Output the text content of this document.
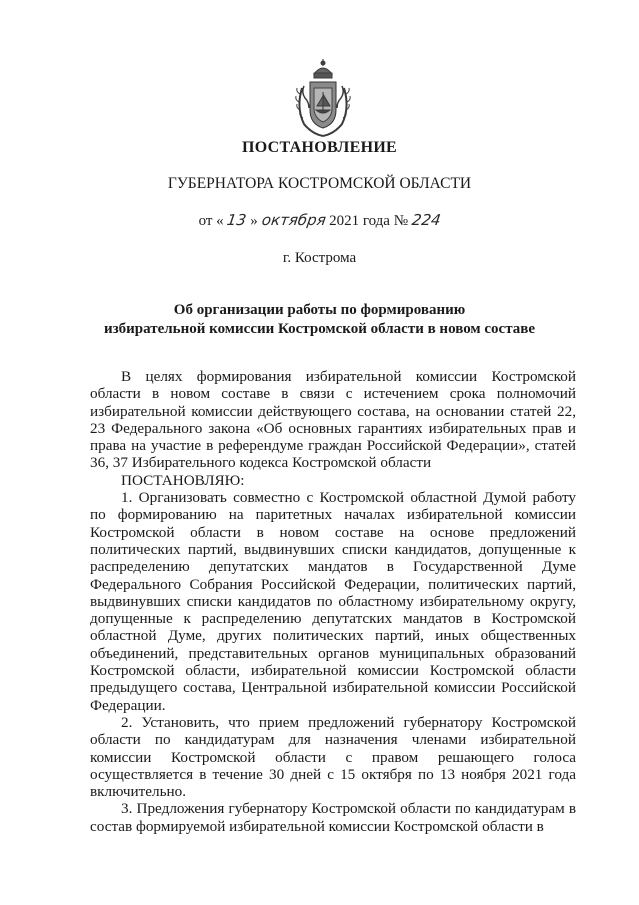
ПОСТАНОВЛЕНИЕ
ГУБЕРНАТОРА КОСТРОМСКОЙ ОБЛАСТИ
от « 13 » октября 2021 года № 224
г. Кострома
Об организации работы по формированию
избирательной комиссии Костромской области в новом составе

В целях формирования избирательной комиссии Костромской области в новом составе в связи с истечением срока полномочий избирательной комиссии действующего состава, на основании статей 22, 23 Федерального закона «Об основных гарантиях избирательных прав и права на участие в референдуме граждан Российской Федерации», статей 36, 37 Избирательного кодекса Костромской области

ПОСТАНОВЛЯЮ:

1. Организовать совместно с Костромской областной Думой работу по формированию на паритетных началах избирательной комиссии Костромской области в новом составе на основе предложений политических партий, выдвинувших списки кандидатов, допущенные к распределению депутатских мандатов в Государственной Думе Федерального Собрания Российской Федерации, политических партий, выдвинувших списки кандидатов по областному избирательному округу, допущенные к распределению депутатских мандатов в Костромской областной Думе, других политических партий, иных общественных объединений, представительных органов муниципальных образований Костромской области, избирательной комиссии Костромской области предыдущего состава, Центральной избирательной комиссии Российской Федерации.

2. Установить, что прием предложений губернатору Костромской области по кандидатурам для назначения членами избирательной комиссии Костромской области с правом решающего голоса осуществляется в течение 30 дней с 15 октября по 13 ноября 2021 года включительно.

3. Предложения губернатору Костромской области по кандидатурам в состав формируемой избирательной комиссии Костромской области в
